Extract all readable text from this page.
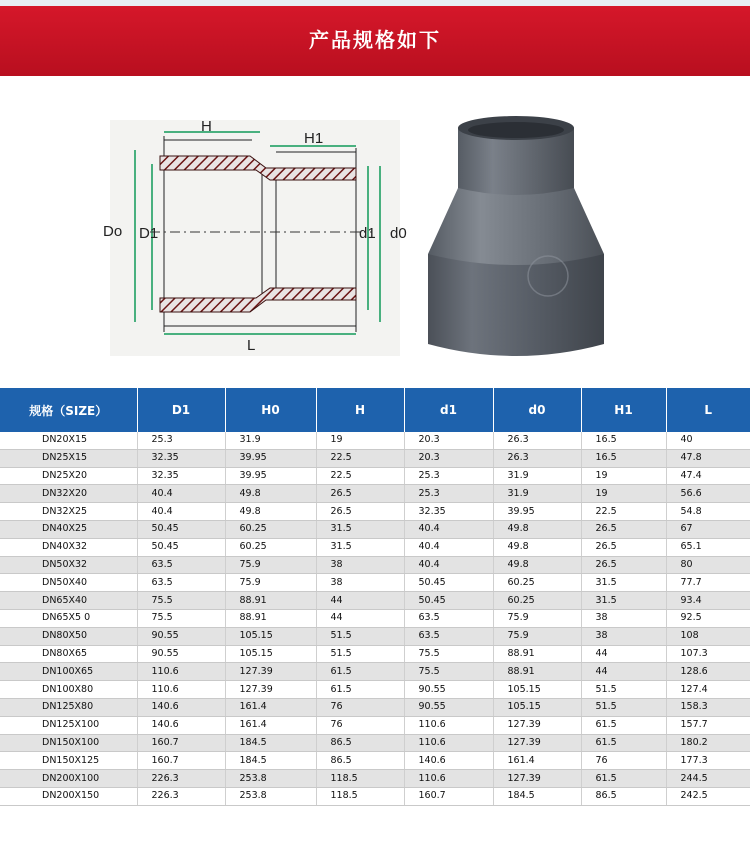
产品规格如下
H
H1
Do D1	d1 d0
L
规格（SIZE）	D1	H0	H	d1	d0	H1	L
DN20X15	25.3	31.9	19	20.3	26.3	16.5	40
DN25X15	32.35	39.95	22.5	20.3	26.3	16.5	47.8
DN25X20	32.35	39.95	22.5	25.3	31.9	19	47.4
DN32X20	40.4	49.8	26.5	25.3	31.9	19	56.6
DN32X25	40.4	49.8	26.5	32.35	39.95	22.5	54.8
DN40X25	50.45	60.25	31.5	40.4	49.8	26.5	67
DN40X32	50.45	60.25	31.5	40.4	49.8	26.5	65.1
DN50X32	63.5	75.9	38	40.4	49.8	26.5	80
DN50X40	63.5	75.9	38	50.45	60.25	31.5	77.7
DN65X40	75.5	88.91	44	50.45	60.25	31.5	93.4
DN65X5 0	75.5	88.91	44	63.5	75.9	38	92.5
DN80X50	90.55	105.15	51.5	63.5	75.9	38	108
DN80X65	90.55	105.15	51.5	75.5	88.91	44	107.3
DN100X65	110.6	127.39	61.5	75.5	88.91	44	128.6
DN100X80	110.6	127.39	61.5	90.55	105.15	51.5	127.4
DN125X80	140.6	161.4	76	90.55	105.15	51.5	158.3
DN125X100	140.6	161.4	76	110.6	127.39	61.5	157.7
DN150X100	160.7	184.5	86.5	110.6	127.39	61.5	180.2
DN150X125	160.7	184.5	86.5	140.6	161.4	76	177.3
DN200X100	226.3	253.8	118.5	110.6	127.39	61.5	244.5
DN200X150	226.3	253.8	118.5	160.7	184.5	86.5	242.5
